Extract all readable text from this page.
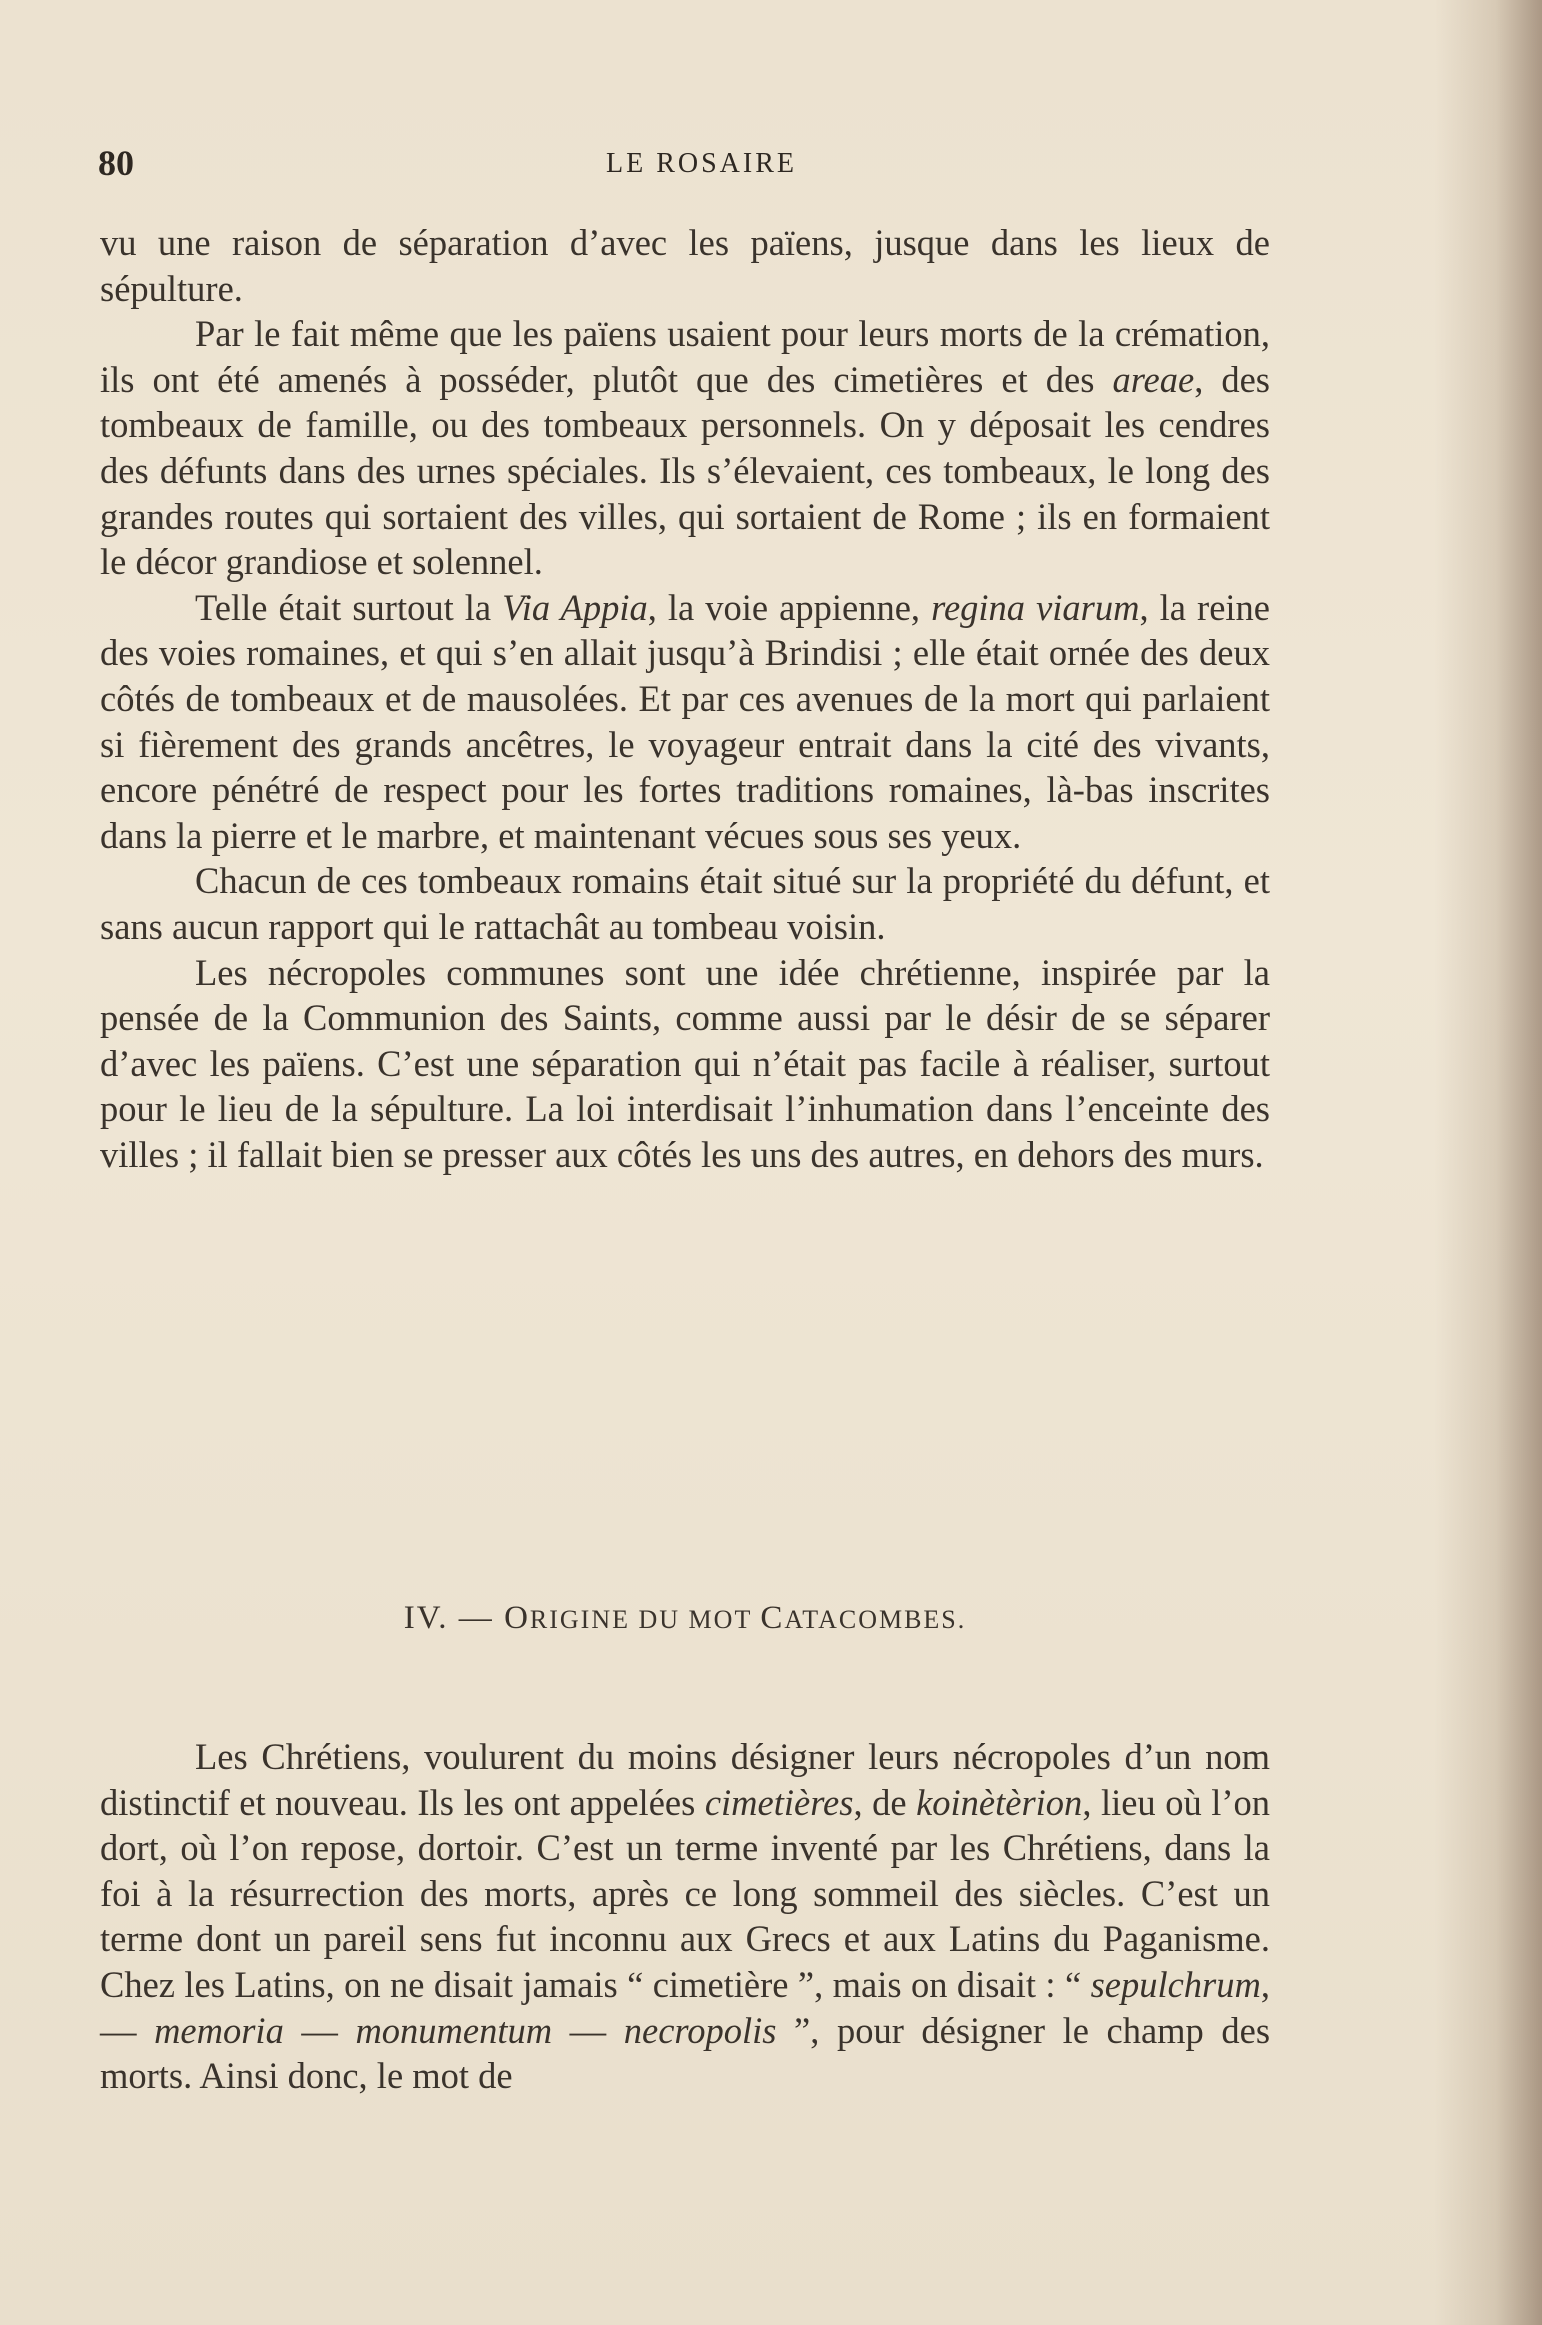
80	LE ROSAIRE

vu une raison de séparation d’avec les païens, jusque dans les lieux de sépulture.

Par le fait même que les païens usaient pour leurs morts de la crémation, ils ont été amenés à posséder, plutôt que des cimetières et des areae, des tombeaux de famille, ou des tombeaux personnels. On y déposait les cendres des défunts dans des urnes spéciales. Ils s’élevaient, ces tombeaux, le long des grandes routes qui sortaient des villes, qui sortaient de Rome ; ils en formaient le décor grandiose et solennel.

Telle était surtout la Via Appia, la voie appienne, regina viarum, la reine des voies romaines, et qui s’en allait jusqu’à Brindisi ; elle était ornée des deux côtés de tombeaux et de mausolées. Et par ces avenues de la mort qui parlaient si fièrement des grands ancêtres, le voyageur entrait dans la cité des vivants, encore pénétré de respect pour les fortes traditions romaines, là-bas inscrites dans la pierre et le marbre, et maintenant vécues sous ses yeux.

Chacun de ces tombeaux romains était situé sur la propriété du défunt, et sans aucun rapport qui le rattachât au tombeau voisin.

Les nécropoles communes sont une idée chrétienne, inspirée par la pensée de la Communion des Saints, comme aussi par le désir de se séparer d’avec les païens. C’est une séparation qui n’était pas facile à réaliser, surtout pour le lieu de la sépulture. La loi interdisait l’inhumation dans l’enceinte des villes ; il fallait bien se presser aux côtés les uns des autres, en dehors des murs.

IV. — ORIGINE DU MOT CATACOMBES.

Les Chrétiens, voulurent du moins désigner leurs nécropoles d’un nom distinctif et nouveau. Ils les ont appelées cimetières, de koinètèrion, lieu où l’on dort, où l’on repose, dortoir. C’est un terme inventé par les Chrétiens, dans la foi à la résurrection des morts, après ce long sommeil des siècles. C’est un terme dont un pareil sens fut inconnu aux Grecs et aux Latins du Paganisme. Chez les Latins, on ne disait jamais “ cimetière ”, mais on disait : “ sepulchrum, — memoria — monumentum — necropolis ”, pour désigner le champ des morts. Ainsi donc, le mot de
